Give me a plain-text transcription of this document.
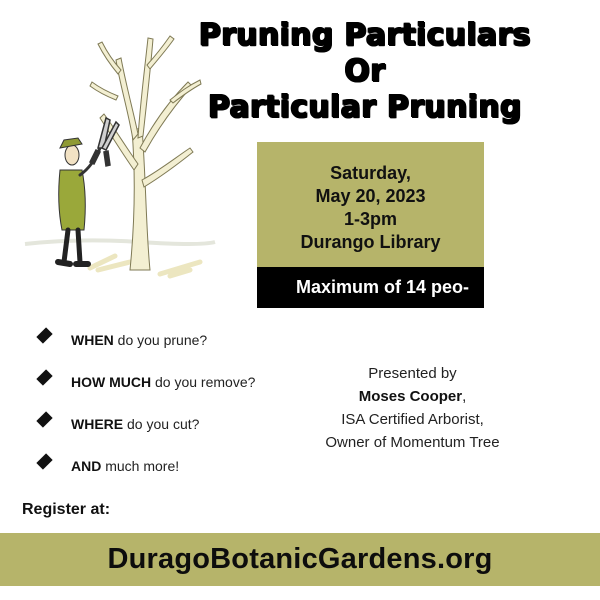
Pruning Particulars
Or
Particular Pruning
Saturday,
May 20, 2023
1-3pm
Durango Library
Maximum of 14 peo-
WHEN do you prune?
HOW MUCH do you remove?
WHERE do you cut?
AND much more!
Presented by
Moses Cooper,
ISA Certified Arborist,
Owner of Momentum Tree
Register at:
DuragoBotanicGardens.org
